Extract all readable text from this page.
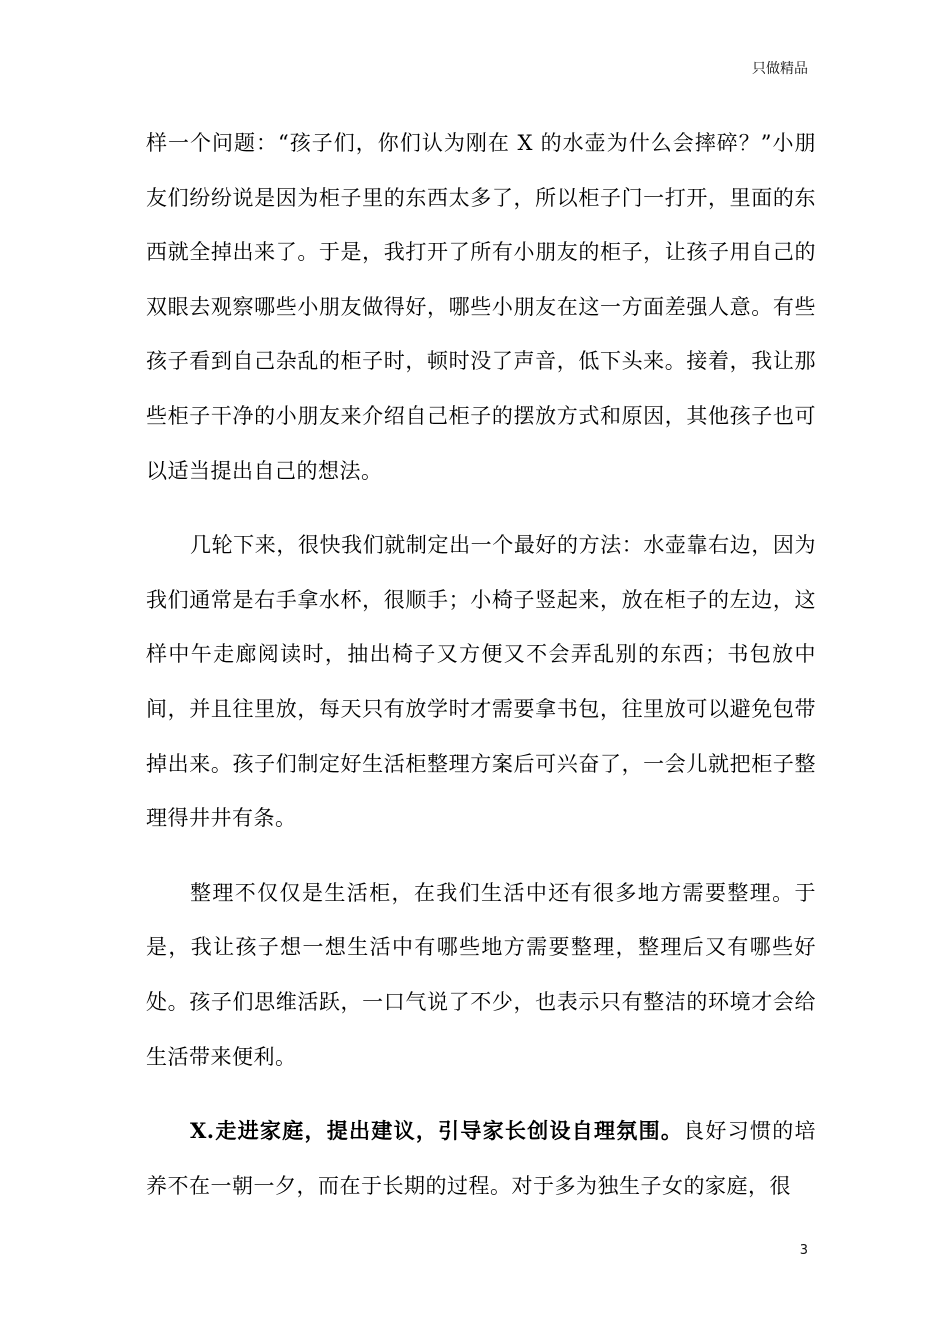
只做精品

样一个问题：“孩子们，你们认为刚在 X 的水壶为什么会摔碎？”小朋友们纷纷说是因为柜子里的东西太多了，所以柜子门一打开，里面的东西就全掉出来了。于是，我打开了所有小朋友的柜子，让孩子用自己的双眼去观察哪些小朋友做得好，哪些小朋友在这一方面差强人意。有些孩子看到自己杂乱的柜子时，顿时没了声音，低下头来。接着，我让那些柜子干净的小朋友来介绍自己柜子的摆放方式和原因，其他孩子也可以适当提出自己的想法。

几轮下来，很快我们就制定出一个最好的方法：水壶靠右边，因为我们通常是右手拿水杯，很顺手；小椅子竖起来，放在柜子的左边，这样中午走廊阅读时，抽出椅子又方便又不会弄乱别的东西；书包放中间，并且往里放，每天只有放学时才需要拿书包，往里放可以避免包带掉出来。孩子们制定好生活柜整理方案后可兴奋了，一会儿就把柜子整理得井井有条。

整理不仅仅是生活柜，在我们生活中还有很多地方需要整理。于是，我让孩子想一想生活中有哪些地方需要整理，整理后又有哪些好处。孩子们思维活跃，一口气说了不少，也表示只有整洁的环境才会给生活带来便利。

X.走进家庭，提出建议，引导家长创设自理氛围。良好习惯的培养不在一朝一夕，而在于长期的过程。对于多为独生子女的家庭，很

3
